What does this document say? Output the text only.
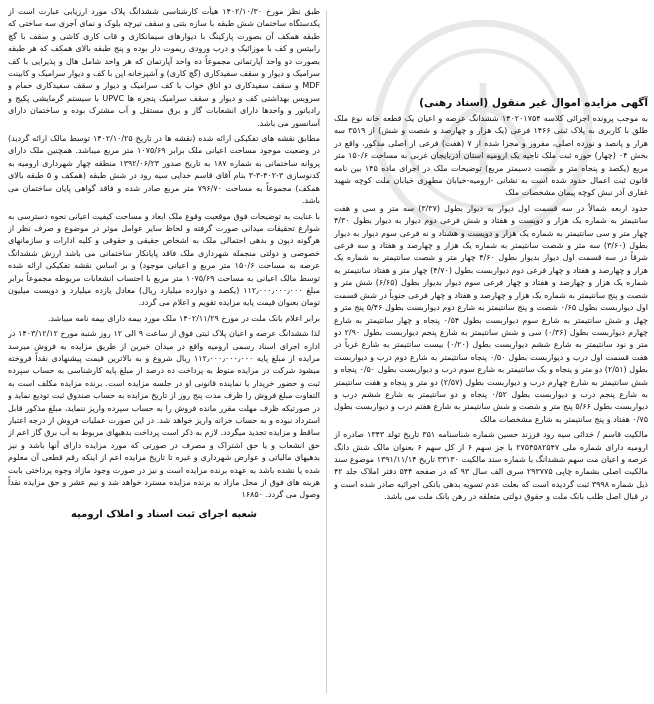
آگهی مزایده اموال غیر منقول (اسناد رهنی)

به موجب پرونده اجرائی کلاسه ۱۴۰۲۰۱۷۵۴ ششدانگ عرصه و اعیان یک قطعه خانه نوع ملک طلق با کاربری به پلاک ثبتی ۱۴۶۶ فرعی (یک هزار و چهارصد و شصت و شش) از ۳۵۱۹ سه هزار و پانصد و نوزده اصلی، مفروز و مجزا شده از ۷ (هفت) فرعی از اصلی مذکور، واقع در بخش ۰۴ (چهار) حوزه ثبت ملک ناحیه یک ارومیه استان آذربایجان غربی به مساحت ۱۵۰/۶ متر مربع (یکصد و پنجاه متر و شصت دسیمتر مربع) توضیحات ملک در اجرای ماده ۱۴۵ بین نامه قانون ثبت اعمال حدود شده است به نشانی -ارومیه-خیابان مطهری خیابان ملت کوچه شهید غفاری آذر نبش کوچه پیمان مشخصات ملک

حدود اربعه شمالاً در سه قسمت اول دیوار به دیوار بطول (۳/۳۷) سه متر و سی و هفت سانتیمتر به شماره یک هزار و دویست و هفتاد و شش فرعی دوم دیوار به دیوار بطول ۴/۳۰ چهار متر و سی سانتیمتر به شماره یک هزار و دویست و هشتاد و نه فرعی سوم دیوار به دیوار بطول (۳/۶۰) سه متر و شصت سانتیمتر به شماره یک هزار و چهارصد و هفتاد و سه فرعی شرقاً در سه قسمت اول دیوار بدیوار بطول ۴/۶۰ چهار متر و شصت سانتیمتر به شماره یک هزار و چهارصد و هفتاد و چهار فرعی دوم دیواربست بطول (۴/۷۰) چهار متر و هفتاد سانتیمتر به شماره یک هزار و چهارصد و هفتاد و چهار فرعی سوم دیوار بدیوار بطول (۶/۶۵) شش متر و شصت و پنج سانتیمتر به شماره یک هزار و چهارصد و هفتاد و چهار فرعی جنوباً در شش قسمت اول دیواربست بطول ۰/۶۵ شصت و پنج سانتیمتر به شارع دوم دیواربست بطول ۵/۴۶ پنج متر و چهل و شش سانتیمتر به شارع سوم دیواربست بطول ۰/۵۴ پنجاه و چهار سانتیمتر به شارع چهارم دیواربست بطول (۰/۳۶) سی و شش سانتیمتر به شارع پنجم دیواربست بطول ۲/۹۰ دو متر و نود سانتیمتر به شارع ششم دیواربست بطول (۰/۲۰) بیست سانتیمتر به شارع غرباً در هفت قسمت اول درب و دیواربست بطول ۰/۵۰ پنجاه سانتیمتر به شارع دوم درب و دیواربست بطول (۲/۵۱) دو متر و پنجاه و یک سانتیمتر به شارع سوم درب و دیواربست بطول ۰/۵۰ پنجاه و شش سانتیمتر به شارع چهارم درب و دیواربست بطول (۲/۵۷) دو متر و پنجاه و هفت سانتیمتر به شارع پنجم درب و دیواربست بطول ۰/۵۲ پنجاه و دو سانتیمتر به شارع ششم درب و دیواربست بطول ۵/۶۶ پنج متر و شصت و شش سانتیمتر به شارع هفتم درب و دیواربست بطول ۰/۷۵ هفتاد و پنج سانتیمتر به شارع مشخصات مالک

مالکیت قاسم / خدائی سیه رود فرزند حسین شماره شناسنامه ۳۵۱ تاریخ تولد ۱۳۴۳ صادره از ارومیه دارای شماره ملی ۲۷۵۴۵۸۲۵۴۷ با جز سهم ۶ از کل سهم ۶ بعنوان مالک شش دانگ عرصه و اعیان مت سهم ششدانگ با شماره سند مالکیت ۳۳۱۳۰ تاریخ ۱۳۹۱/۱۱/۱۴ موضوع سند مالکیت اصلی بشماره چاپی ۲۹۳۷۷۵ سری الف سال ۹۳ که در صفحه ۵۴۴ دفتر املاک جلد ۴۲ ذیل شماره ۳۹۹۸ ثبت گردیده است که بعلت عدم تسویه بدهی بانکی اجرائیه صادر شده است و در قبال اصل طلب بانک ملت و حقوق دولتی متعلقه در رهن بانک ملت می باشد.

طبق نظر مورخ ۱۴۰۲/۱۰/۳۰ هیأت کارشناسی ششدانگ پلاک مورد ارزیابی عبارت است از یکدستگاه ساختمان شش طبقه با سازه بتنی و سقف تیرچه بلوک و نمای آجری سه ساختی که طبقه همکف آن بصورت پارکینگ با دیوارهای سیمانکاری و قاب کاری کاشی و سقف با گچ رابیتس و کف با موزائیک و درب ورودی ریموت دار بوده و پنج طبقه بالای همکف که هر طبقه بصورت دو واحد آپارتمانی مجموعاً ده واحد آپارتمان که هر واحد شامل هال و پذیرایی با کف سرامیک و دیوار و سقف سفیدکاری (گچ کاری) و آشپزخانه اپن با کف و دیوار سرامیک و کابینت MDF و سقف سفیدکاری دو اتاق خواب با کف سرامیک و دیوار و سقف سفیدکاری حمام و سرویس بهداشتی کف و دیوار و سقف سرامیک پنجره ها UPVC با سیستم گرمایشی پکیج و رادیاتور و واحدها دارای انشعابات گاز و برق مستقل و آب مشترک بوده و ساختمان دارای آسانسور می باشد.

مطابق نقشه های تفکیکی ارائه شده (نقشه ها در تاریخ ۱۴۰۲/۱۰/۲۵ توسط مالک ارائه گردید) در وضعیت موجود مساحت اعیانی ملک برابر ۱۰۷۵/۶۹ متر مربع میباشد. همچنین ملک دارای پروانه ساختمانی به شماره ۱۸۷ به تاریخ صدور ۱۳۹۲/۰۶/۲۳ منطقه چهار شهرداری ارومیه به کدنوسازی ۳-۴۰۲-۳-۳ بنام آقای قاسم خدایی سیه رود در شش طبقه (همکف و ۵ طبقه بالای همکف) مجموعاً به مساحت ۷۹۶/۷۰ متر مربع صادر شده و فاقد گواهی پایان ساختمان می باشد.

با عنایت به توضیحات فوق موقعیت وقوع ملک ابعاد و مساحت کیفیت اعیانی نحوه دسترسی به شوارع تحقیقات میدانی صورت گرفته و لحاظ سایر عوامل موثر در موضوع و صرف نظر از هرگونه دیون و بدهی احتمالی ملک به اشخاص حقیقی و حقوقی و کلیه ادارات و سازمانهای خصوصی و دولتی منجمله شهرداری ملک فاقد پایانکار ساختمانی می باشد ارزش ششدانگ عرصه به مساحت ۱۵۰/۶ متر مربع و اعیانی موجود) و بر اساس نقشه تفکیکی ارائه شده توسط مالک اعیانی به مساحت ۱۰۷۵/۶۹ متر مربع با احتساب انشعابات مربوطه مجموعاً برابر مبلغ ۱۱۲٫۰۰۰٫۰۰۰٫۰۰۰ (یکصد و دوازده میلیارد ریال) معادل یازده میلیارد و دویست میلیون تومان بعنوان قیمت پایه مزایده تقویم و اعلام می گردد.

برابر اعلام بانک ملت در مورخ ۱۴۰۲/۱۱/۲۹ ملک مورد بیمه دارای بیمه نامه میباشد.

لذا ششدانگ عرصه و اعیان پلاک ثبتی فوق از ساعت ۹ الی ۱۲ روز شنبه مورخ ۱۴۰۳/۱۲/۱۲ در اداره اجرای اسناد رسمی ارومیه واقع در میدان خیرین از طریق مزایده به فروش میرسد مزایده از مبلغ پایه ۱۱۲٫۰۰۰٫۰۰۰٫۰۰۰ ریال شروع و به بالاترین قیمت پیشنهادی نقداً فروخته میشود شرکت در مزایده منوط به پرداخت ده درصد از مبلغ پایه کارشناسی به حساب سپرده ثبت و حضور خریدار یا نماینده قانونی او در جلسه مزایده است. برنده مزایده مکلف است به التفاوت مبلغ فروش را ظرف مدت پنج روز از تاریخ مزایده به حساب صندوق ثبت تودیع نماید و در صورتیکه ظرف مهلت مقرر مانده فروش را به حساب سپرده واریز ننماید، مبلغ مذکور قابل استرداد نبوده و به حساب خزانه واریز خواهد شد. در این صورت عملیات فروش از درجه اعتبار ساقط و مزایده تجدید میگردد. لازم به ذکر است پرداخت بدهیهای مربوط به آب برق گاز اعم از حق انشعاب و یا حق اشتراک و مصرف در صورتی که مورد مزایده دارای آنها باشد و نیز بدهیهای مالیاتی و عوارض شهرداری و غیره تا تاریخ مزایده اعم از اینکه رقم قطعی آن معلوم شده یا نشده باشد به عهده برنده مزایده است و نیز در صورت وجود مازاد وجوه پرداختی بابت هزینه های فوق از محل مازاد به برنده مزایده مسترد خواهد شد و نیم عشر و حق مزایده نقداً وصول می گردد. ۱۶۸۵۰

شعبه اجرای ثبت اسناد و املاک ارومیه
